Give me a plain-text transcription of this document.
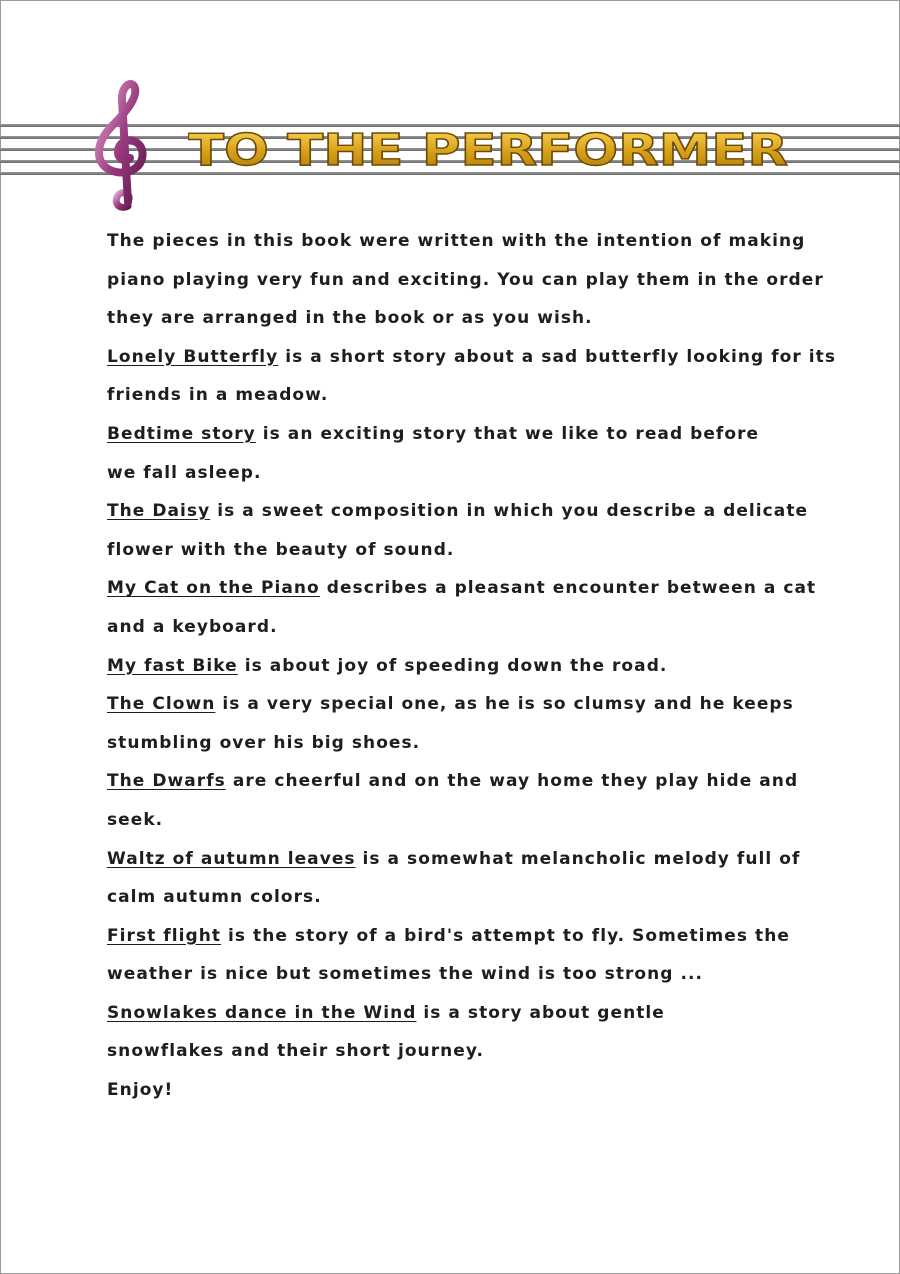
TO THE PERFORMER

The pieces in this book were written with the intention of making piano playing very fun and exciting. You can play them in the order they are arranged in the book or as you wish.

Lonely Butterfly is a short story about a sad butterfly looking for its friends in a meadow.

Bedtime story is an exciting story that we like to read before we fall asleep.

The Daisy is a sweet composition in which you describe a delicate flower with the beauty of sound.

My Cat on the Piano describes a pleasant encounter between a cat and a keyboard.

My fast Bike is about joy of speeding down the road.

The Clown is a very special one, as he is so clumsy and he keeps stumbling over his big shoes.

The Dwarfs are cheerful and on the way home they play hide and seek.

Waltz of autumn leaves is a somewhat melancholic melody full of calm autumn colors.

First flight is the story of a bird's attempt to fly. Sometimes the weather is nice but sometimes the wind is too strong ...

Snowlakes dance in the Wind is a story about gentle snowflakes and their short journey.

Enjoy!
